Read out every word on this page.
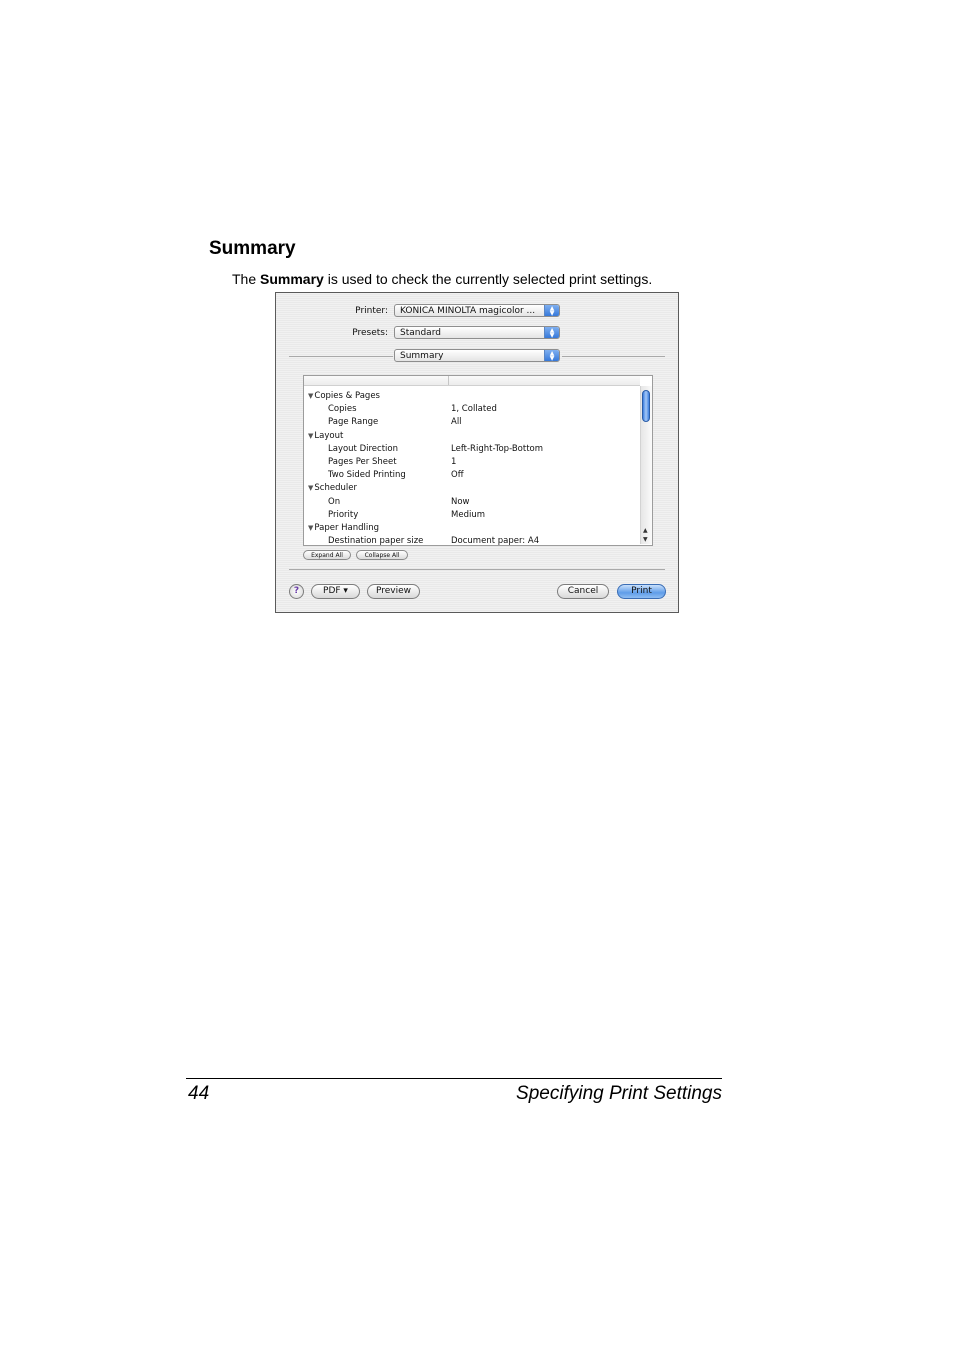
Summary
The Summary is used to check the currently selected print settings.
Printer:	KONICA MINOLTA magicolor ...	▲
▼
Presets:	Standard	▲
▼
Summary	▲
▼
▼Copies & Pages
Copies	1, Collated
Page Range	All
▼Layout
Layout Direction	Left-Right-Top-Bottom
Pages Per Sheet	1
Two Sided Printing	Off
▼Scheduler
On	Now
Priority	Medium
▼Paper Handling
Destination paper size	Document paper: A4
▲
▼
Expand All	Collapse All
?	PDF ▾	Preview	Cancel	Print
44	Specifying Print Settings
